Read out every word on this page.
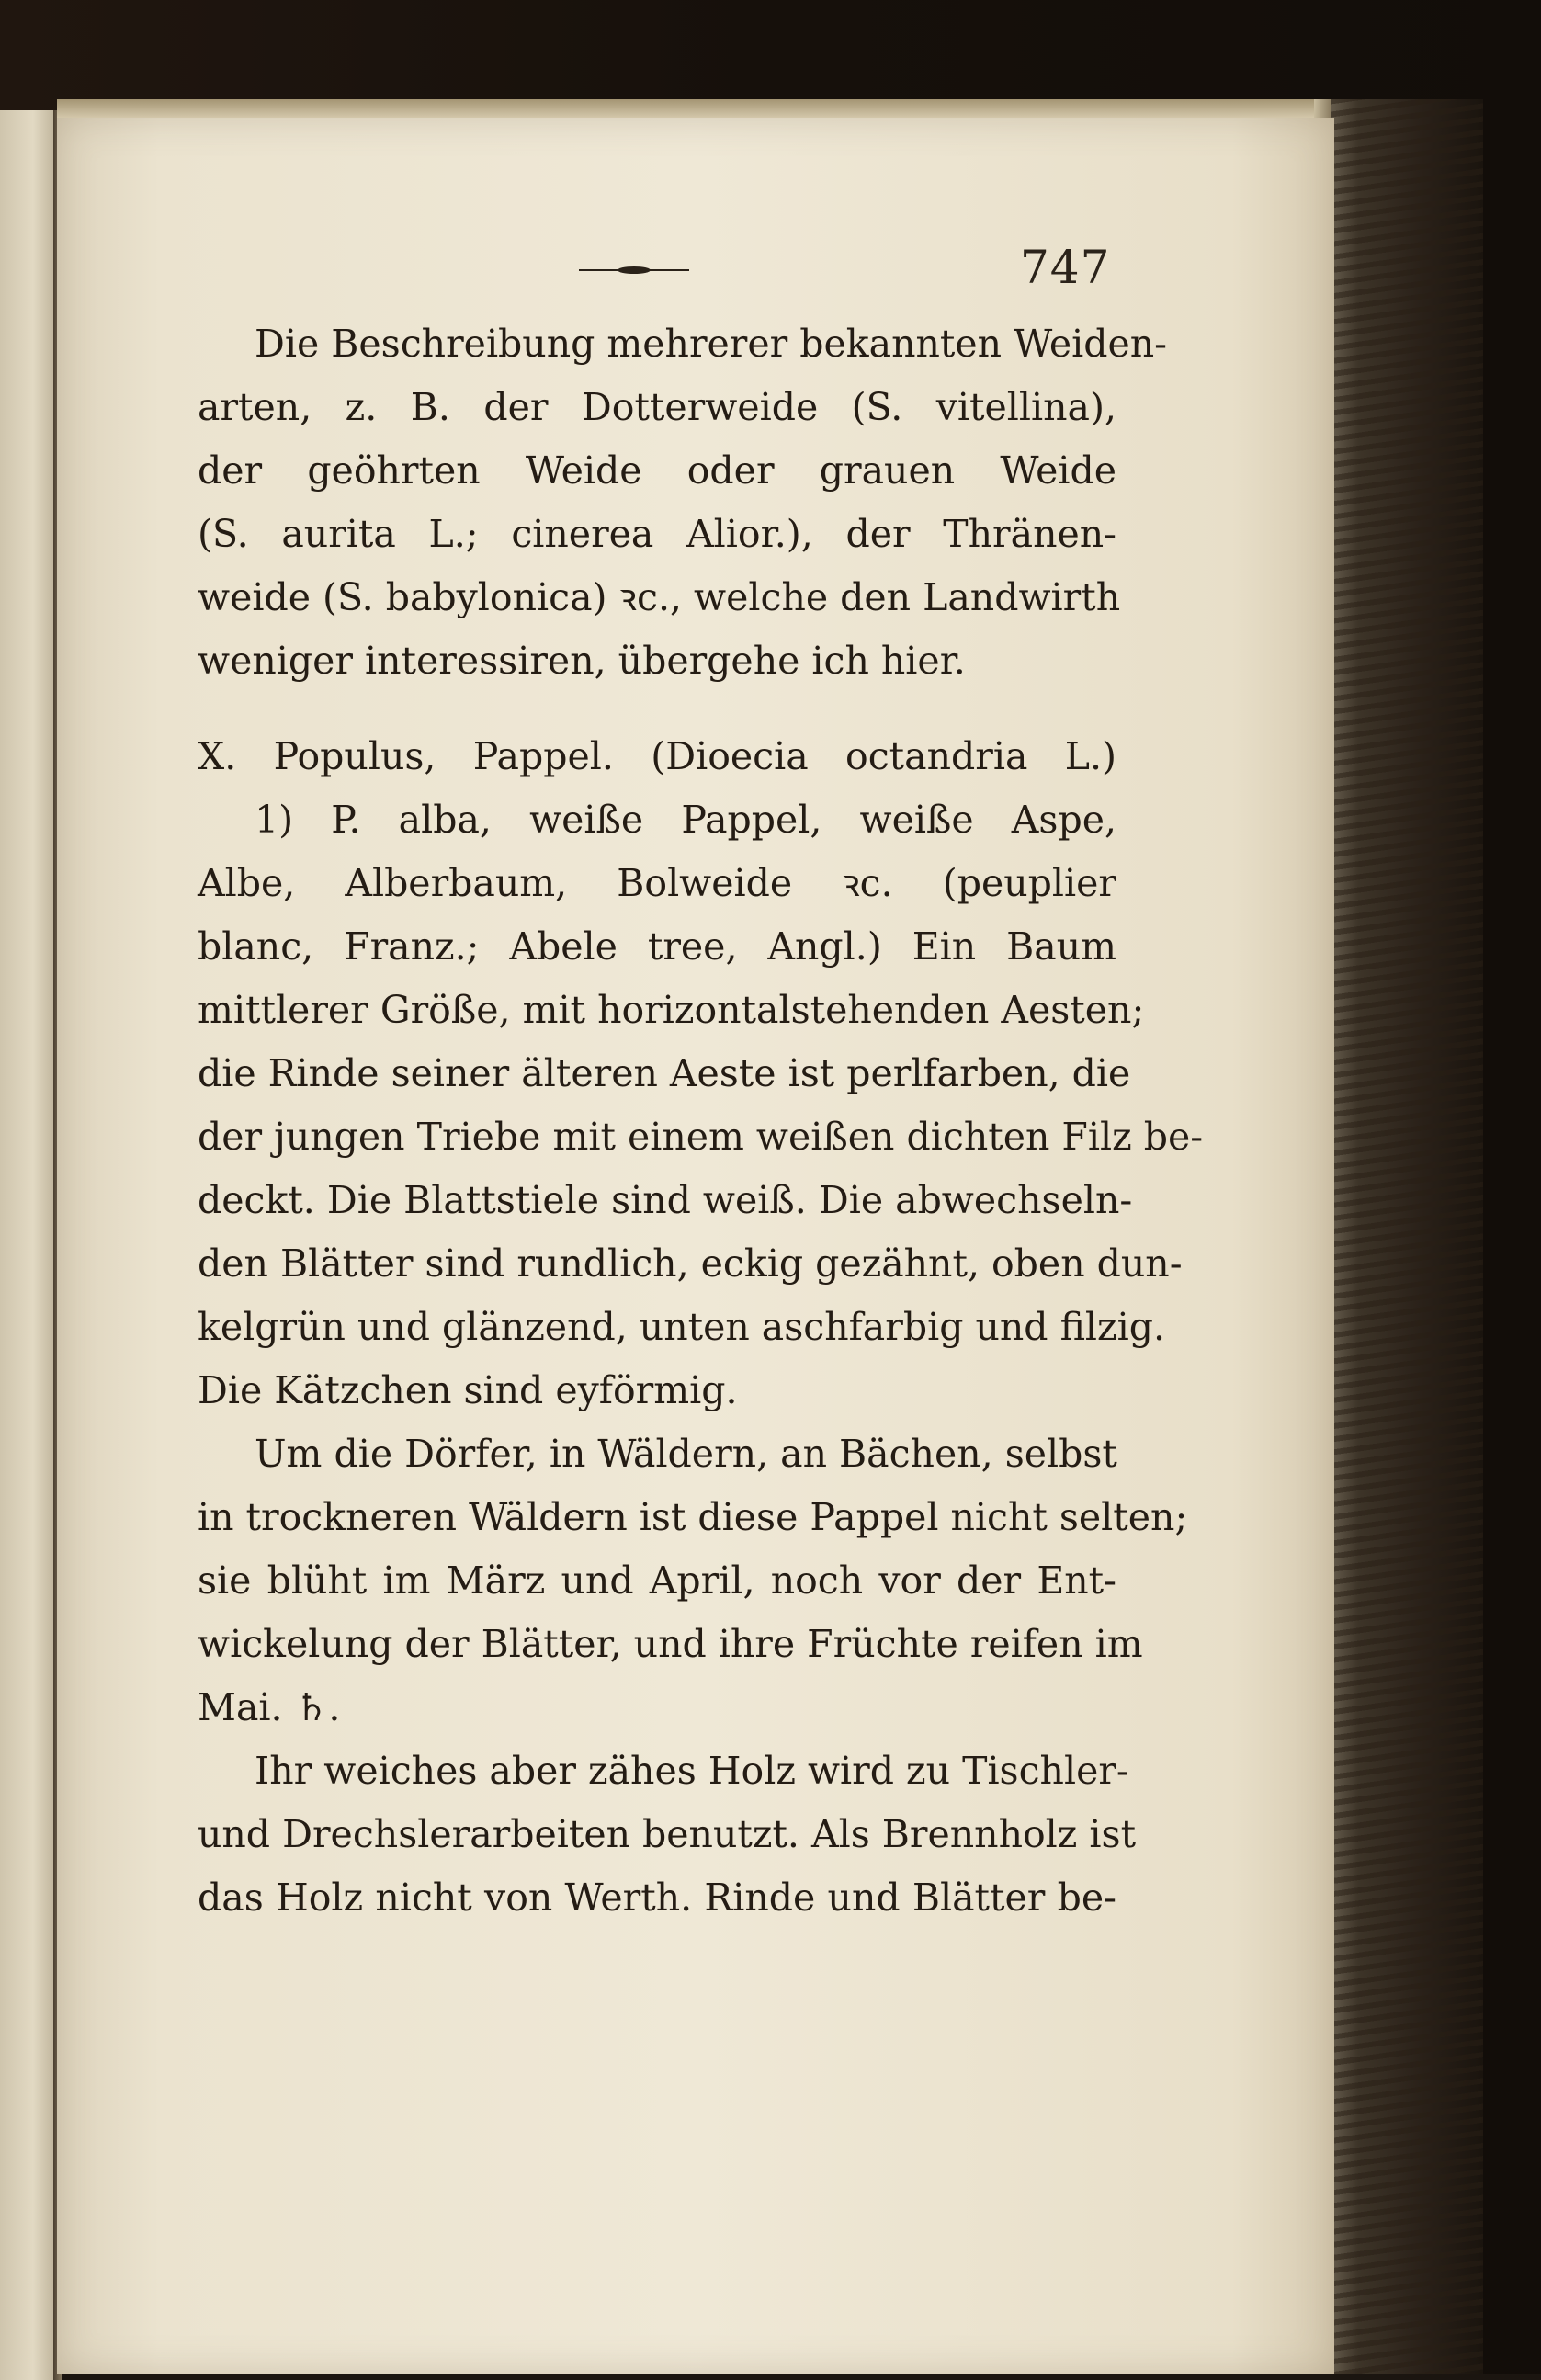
747
Die Beschreibung mehrerer bekannten Weiden-
arten, z. B. der Dotterweide (S. vitellina),
der geöhrten Weide oder grauen Weide
(S. aurita L.; cinerea Alior.), der Thränen-
weide (S. babylonica) ꝛc., welche den Landwirth
weniger interessiren, übergehe ich hier.
X. Populus, Pappel. (Dioecia octandria L.)
1) P. alba, weiße Pappel, weiße Aspe,
Albe, Alberbaum, Bolweide ꝛc. (peuplier
blanc, Franz.; Abele tree, Angl.) Ein Baum
mittlerer Größe, mit horizontalstehenden Aesten;
die Rinde seiner älteren Aeste ist perlfarben, die
der jungen Triebe mit einem weißen dichten Filz be-
deckt. Die Blattstiele sind weiß. Die abwechseln-
den Blätter sind rundlich, eckig gezähnt, oben dun-
kelgrün und glänzend, unten aschfarbig und filzig.
Die Kätzchen sind eyförmig.
Um die Dörfer, in Wäldern, an Bächen, selbst
in trockneren Wäldern ist diese Pappel nicht selten;
sie blüht im März und April, noch vor der Ent-
wickelung der Blätter, und ihre Früchte reifen im
Mai. ♄.
Ihr weiches aber zähes Holz wird zu Tischler-
und Drechslerarbeiten benutzt. Als Brennholz ist
das Holz nicht von Werth. Rinde und Blätter be-
